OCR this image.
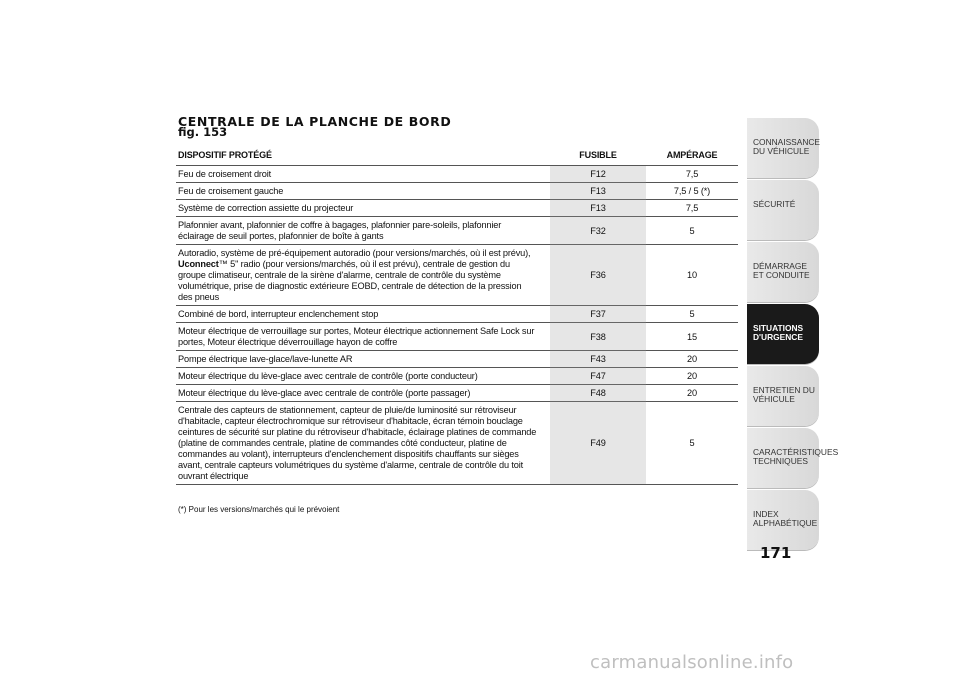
CENTRALE DE LA PLANCHE DE BORD
fig. 153
DISPOSITIF PROTÉGÉ	FUSIBLE	AMPÉRAGE
Feu de croisement droit	F12	7,5
Feu de croisement gauche	F13	7,5 / 5 (*)
Système de correction assiette du projecteur	F13	7,5
Plafonnier avant, plafonnier de coffre à bagages, plafonnier pare-soleils, plafonnier éclairage de seuil portes, plafonnier de boîte à gants	F32	5
Autoradio, système de pré-équipement autoradio (pour versions/marchés, où il est prévu), Uconnect™ 5" radio (pour versions/marchés, où il est prévu), centrale de gestion du groupe climatiseur, centrale de la sirène d'alarme, centrale de contrôle du système volumétrique, prise de diagnostic extérieure EOBD, centrale de détection de la pression des pneus	F36	10
Combiné de bord, interrupteur enclenchement stop	F37	5
Moteur électrique de verrouillage sur portes, Moteur électrique actionnement Safe Lock sur portes, Moteur électrique déverrouillage hayon de coffre	F38	15
Pompe électrique lave-glace/lave-lunette AR	F43	20
Moteur électrique du lève-glace avec centrale de contrôle (porte conducteur)	F47	20
Moteur électrique du lève-glace avec centrale de contrôle (porte passager)	F48	20
Centrale des capteurs de stationnement, capteur de pluie/de luminosité sur rétroviseur d'habitacle, capteur électrochromique sur rétroviseur d'habitacle, écran témoin bouclage ceintures de sécurité sur platine du rétroviseur d'habitacle, éclairage platines de commande (platine de commandes centrale, platine de commandes côté conducteur, platine de commandes au volant), interrupteurs d'enclenchement dispositifs chauffants sur sièges avant, centrale capteurs volumétriques du système d'alarme, centrale de contrôle du toit ouvrant électrique	F49	5
(*) Pour les versions/marchés qui le prévoient
CONNAISSANCE DU VÉHICULE
SÉCURITÉ
DÉMARRAGE ET CONDUITE
SITUATIONS D'URGENCE
ENTRETIEN DU VÉHICULE
CARACTÉRISTIQUES TECHNIQUES
INDEX ALPHABÉTIQUE
171
carmanualsonline.info
